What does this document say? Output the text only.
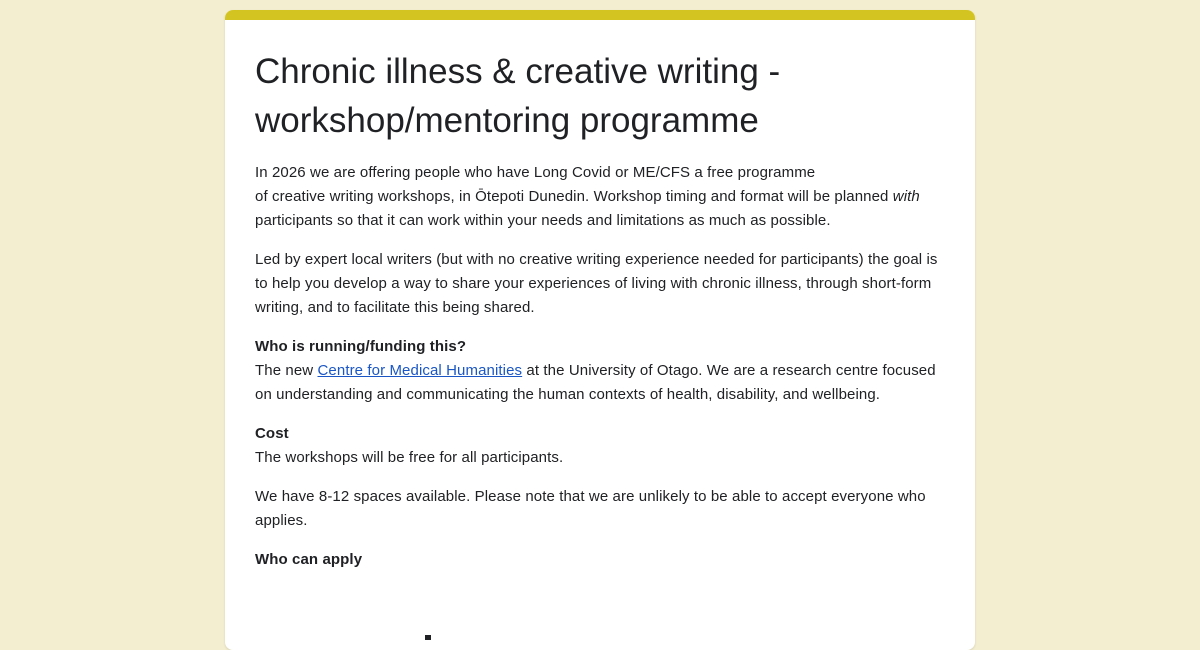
Chronic illness & creative writing - workshop/mentoring programme

In 2026 we are offering people who have Long Covid or ME/CFS a free programme
of creative writing workshops, in Ōtepoti Dunedin. Workshop timing and format will be planned with participants so that it can work within your needs and limitations as much as possible.

Led by expert local writers (but with no creative writing experience needed for participants) the goal is to help you develop a way to share your experiences of living with chronic illness, through short-form writing, and to facilitate this being shared.

Who is running/funding this?
The new Centre for Medical Humanities at the University of Otago. We are a research centre focused on understanding and communicating the human contexts of health, disability, and wellbeing.

Cost
The workshops will be free for all participants.

We have 8-12 spaces available. Please note that we are unlikely to be able to accept everyone who applies.

Who can apply
